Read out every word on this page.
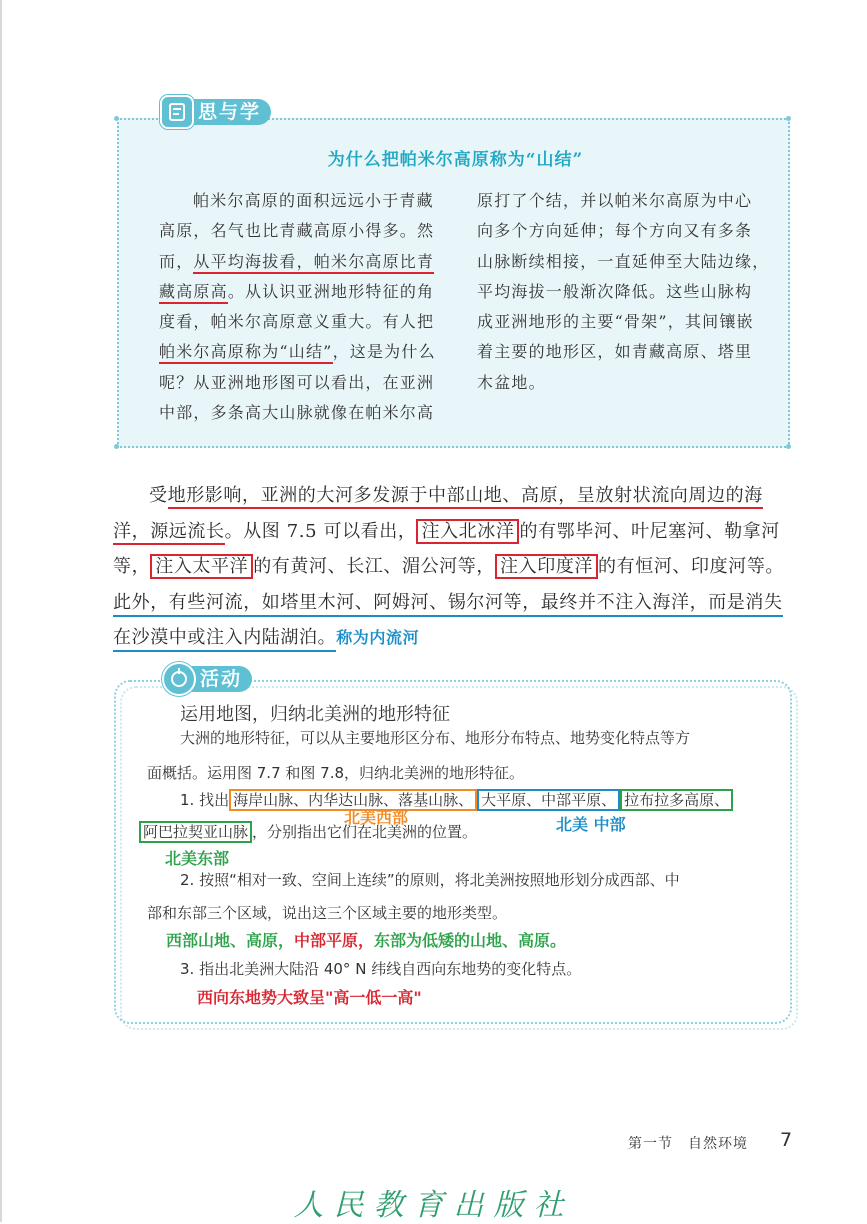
为什么把帕米尔高原称为“山结”
帕米尔高原的面积远远小于青藏
高原，名气也比青藏高原小得多。然
而，从平均海拔看，帕米尔高原比青
藏高原高。从认识亚洲地形特征的角
度看，帕米尔高原意义重大。有人把
帕米尔高原称为“山结”，这是为什么
呢？从亚洲地形图可以看出，在亚洲
中部，多条高大山脉就像在帕米尔高
原打了个结，并以帕米尔高原为中心
向多个方向延伸；每个方向又有多条
山脉断续相接，一直延伸至大陆边缘，
平均海拔一般渐次降低。这些山脉构
成亚洲地形的主要“骨架”，其间镶嵌
着主要的地形区，如青藏高原、塔里
木盆地。
思与学
受地形影响，亚洲的大河多发源于中部山地、高原，呈放射状流向周边的海洋，源远流长。从图 7.5 可以看出， 注入北冰洋 的有鄂毕河、叶尼塞河、勒拿河等， 注入太平洋 的有黄河、长江、湄公河等， 注入印度洋 的有恒河、印度河等。此外，有些河流，如塔里木河、阿姆河、锡尔河等，最终并不注入海洋，而是消失在沙漠中或注入内陆湖泊。称为内流河
活动
运用地图，归纳北美洲的地形特征
大洲的地形特征，可以从主要地形区分布、地形分布特点、地势变化特点等方
面概括。运用图 7.7 和图 7.8，归纳北美洲的地形特征。
1. 找出 海岸山脉、内华达山脉、落基山脉、 大平原、中部平原、 拉布拉多高原、
阿巴拉契亚山脉 ，分别指出它们在北美洲的位置。
北美西部	北美 中部
北美东部
2. 按照“相对一致、空间上连续”的原则，将北美洲按照地形划分成西部、中
部和东部三个区域，说出这三个区域主要的地形类型。
西部山地、高原，中部平原，东部为低矮的山地、高原。
3. 指出北美洲大陆沿 40° N 纬线自西向东地势的变化特点。
西向东地势大致呈"高一低一高"
第一节　自然环境 7
人民教育出版社
